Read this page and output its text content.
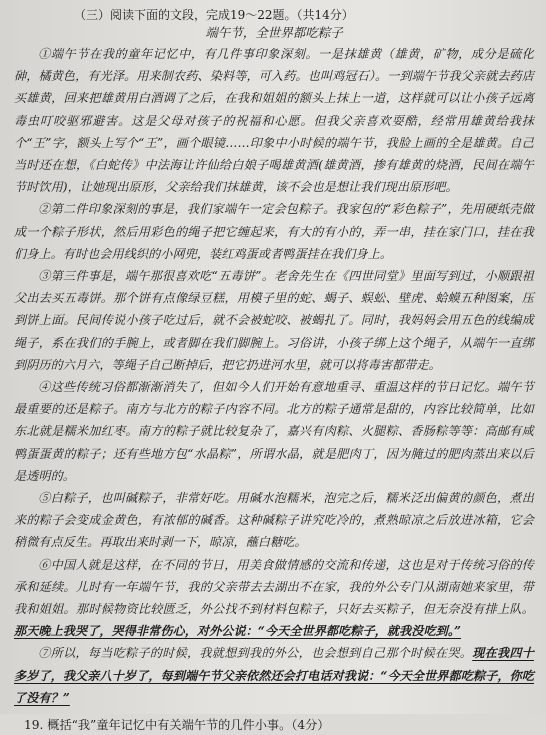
（三）阅读下面的文段，完成19～22题。（共14分）
端午节，全世界都吃粽子

①端午节在我的童年记忆中，有几件事印象深刻。一是抹雄黄（雄黄，矿物，成分是硫化砷，橘黄色，有光泽。用来制农药、染料等，可入药。也叫鸡冠石）。一到端午节我父亲就去药店买雄黄，回来把雄黄用白酒调了之后，在我和姐姐的额头上抹上一道，这样就可以让小孩子远离毒虫叮咬驱邪避害。这是父母对孩子的祝福和心愿。但我父亲喜欢耍酷，经常用雄黄给我抹个“王”字，额头上写个“王”，画个眼镜……印象中小时候的端午节，我脸上画的全是雄黄。自己当时还在想，《白蛇传》中法海让许仙给白娘子喝雄黄酒(雄黄酒，掺有雄黄的烧酒，民间在端午节时饮用)，让她现出原形，父亲给我们抹雄黄，该不会也是想让我们现出原形吧。

②第二件印象深刻的事是，我们家端午一定会包粽子。我家包的“彩色粽子”，先用硬纸壳做成一个粽子形状，然后用彩色的绳子把它缠起来，有大的有小的，弄一串，挂在家门口，挂在我们身上。有时也会用线织的小网兜，装红鸡蛋或者鸭蛋挂在我们身上。

③第三件事是，端午那很喜欢吃“五毒饼”。老舍先生在《四世同堂》里面写到过，小顺跟祖父出去买五毒饼。那个饼有点像绿豆糕，用模子里的蛇、蝎子、蜈蚣、壁虎、蛤蟆五种图案，压到饼上面。民间传说小孩子吃过后，就不会被蛇咬、被蝎扎了。同时，我妈妈会用五色的线编成绳子，系在我们的手腕上，或者脚在我们脚腕上。习俗讲，小孩子绑上这个绳子，从端午一直绑到阴历的六月六，等绳子自己断掉后，把它扔进河水里，就可以将毒害都带走。

④这些传统习俗都渐渐消失了，但如今人们开始有意地重寻、重温这样的节日记忆。端午节最重要的还是粽子。南方与北方的粽子内容不同。北方的粽子通常是甜的，内容比较简单，比如东北就是糯米加红枣。南方的粽子就比较复杂了，嘉兴有肉粽、火腿粽、香肠粽等等：高邮有咸鸭蛋蛋黄的粽子；还有些地方包“水晶粽”，所谓水晶，就是肥肉丁，因为腌过的肥肉蒸出来以后是透明的。

⑤白粽子，也叫碱粽子，非常好吃。用碱水泡糯米，泡完之后，糯米泛出偏黄的颜色，煮出来的粽子会变成金黄色，有浓郁的碱香。这种碱粽子讲究吃冷的，煮熟晾凉之后放进冰箱，它会稍微有点反生。再取出来时剥一下，晾凉，蘸白糖吃。

⑥中国人就是这样，在不同的节日，用美食做情感的交流和传递，这也是对于传统习俗的传承和延续。儿时有一年端午节，我的父亲带去去湖出不在家，我的外公专门从湖南她来家里，带我和姐姐。那时候物资比较匮乏，外公找不到材料包粽子，只好去买粽子，但无奈没有排上队。那天晚上我哭了，哭得非常伤心，对外公说：“今天全世界都吃粽子，就我没吃到。”

⑦所以，每当吃粽子的时候，我就想到我的外公，也会想到自己那个时候在哭。现在我四十多岁了，我父亲八十岁了，每到端午节父亲依然还会打电话对我说：“今天全世界都吃粽子，你吃了没有？”

19. 概括“我”童年记忆中有关端午节的几件小事。（4分）
